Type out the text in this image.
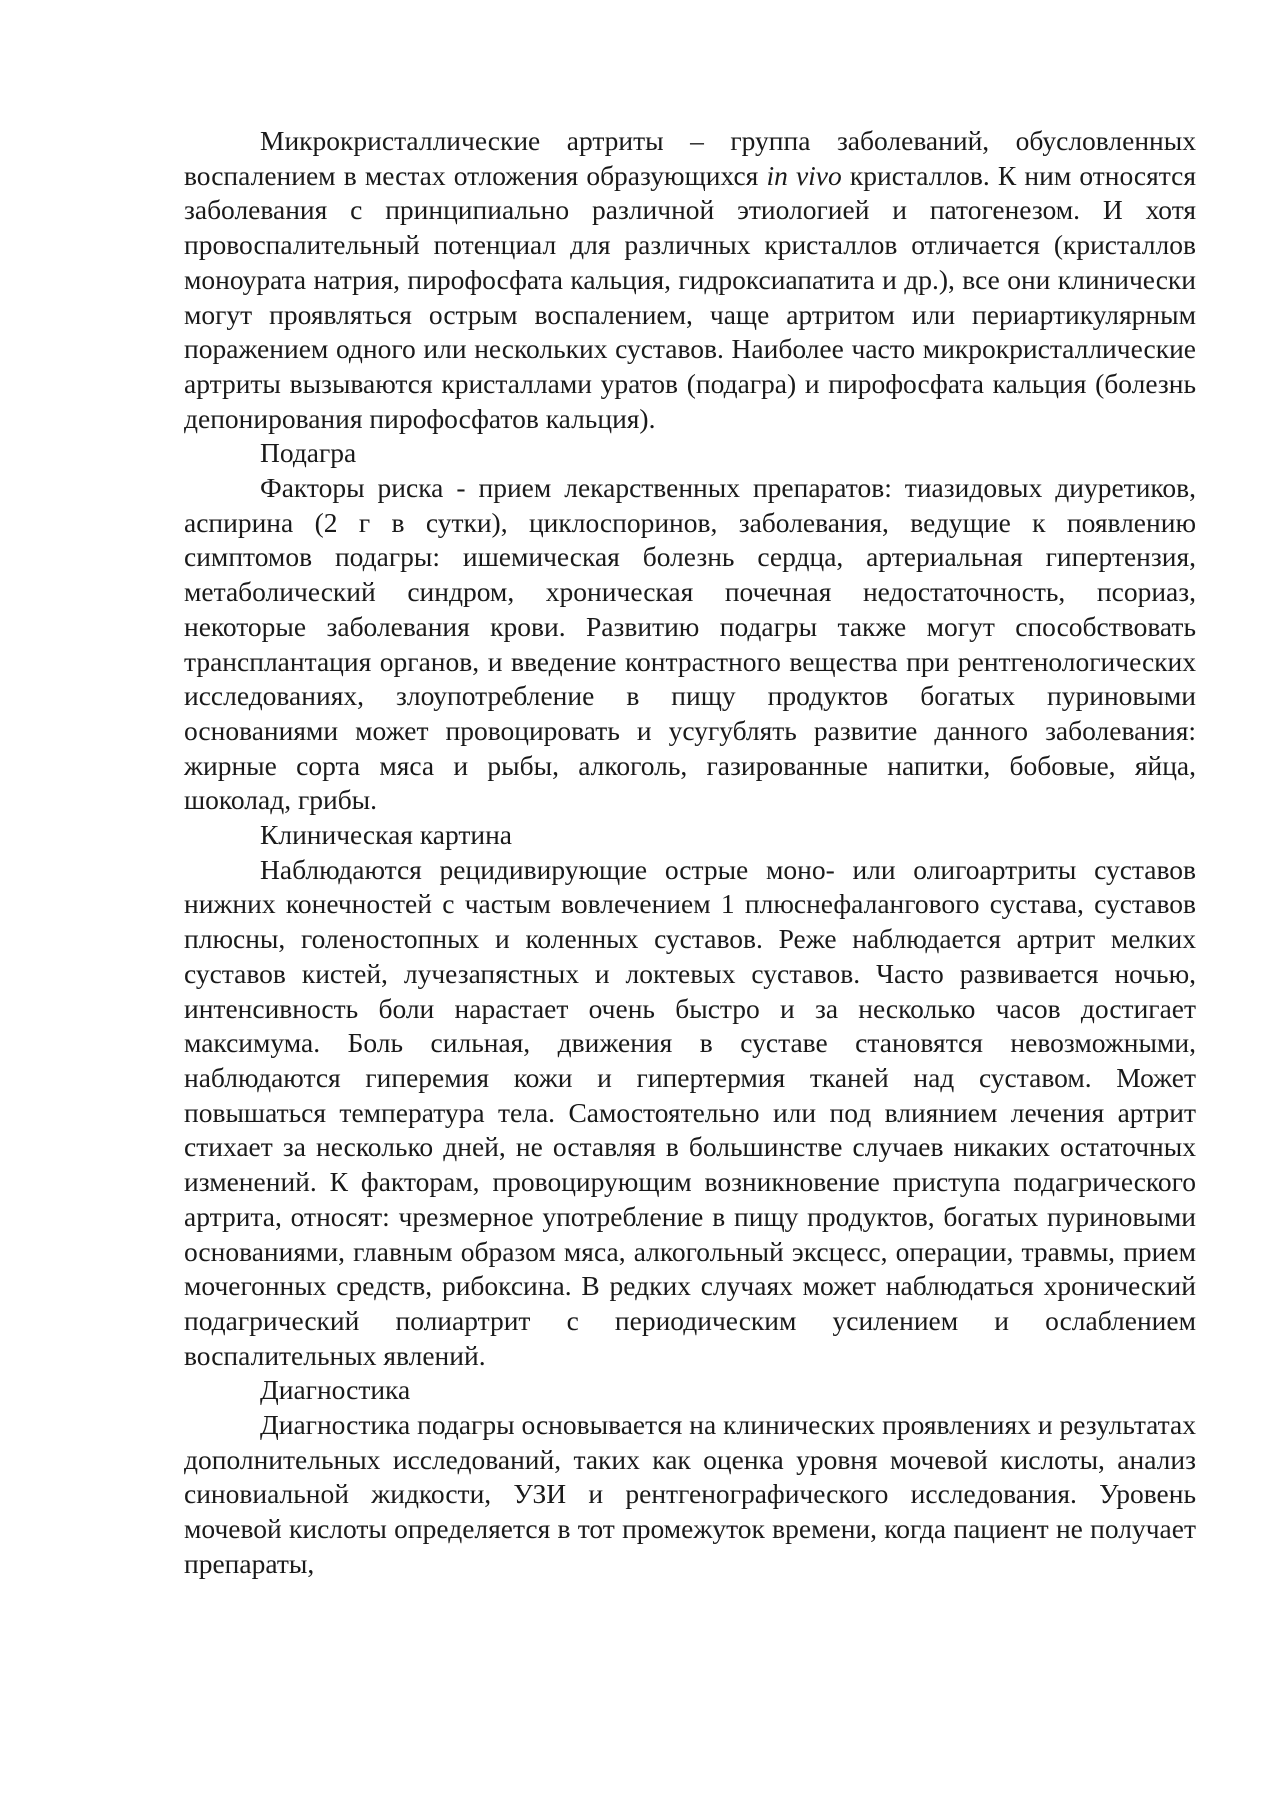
Микрокристаллические артриты – группа заболеваний, обусловленных воспалением в местах отложения образующихся in vivo кристаллов. К ним относятся заболевания с принципиально различной этиологией и патогенезом. И хотя провоспалительный потенциал для различных кристаллов отличается (кристаллов моноурата натрия, пирофосфата кальция, гидроксиапатита и др.), все они клинически могут проявляться острым воспалением, чаще артритом или периартикулярным поражением одного или нескольких суставов. Наиболее часто микрокристаллические артриты вызываются кристаллами уратов (подагра) и пирофосфата кальция (болезнь депонирования пирофосфатов кальция).

Подагра

Факторы риска - прием лекарственных препаратов: тиазидовых диуретиков, аспирина (2 г в сутки), циклоспоринов, заболевания, ведущие к появлению симптомов подагры: ишемическая болезнь сердца, артериальная гипертензия, метаболический синдром, хроническая почечная недостаточность, псориаз, некоторые заболевания крови. Развитию подагры также могут способствовать трансплантация органов, и введение контрастного вещества при рентгенологических исследованиях, злоупотребление в пищу продуктов богатых пуриновыми основаниями может провоцировать и усугублять развитие данного заболевания: жирные сорта мяса и рыбы, алкоголь, газированные напитки, бобовые, яйца, шоколад, грибы.

Клиническая картина

Наблюдаются рецидивирующие острые моно- или олигоартриты суставов нижних конечностей с частым вовлечением 1 плюснефалангового сустава, суставов плюсны, голеностопных и коленных суставов. Реже наблюдается артрит мелких суставов кистей, лучезапястных и локтевых суставов. Часто развивается ночью, интенсивность боли нарастает очень быстро и за несколько часов достигает максимума. Боль сильная, движения в суставе становятся невозможными, наблюдаются гиперемия кожи и гипертермия тканей над суставом. Может повышаться температура тела. Самостоятельно или под влиянием лечения артрит стихает за несколько дней, не оставляя в большинстве случаев никаких остаточных изменений. К факторам, провоцирующим возникновение приступа подагрического артрита, относят: чрезмерное употребление в пищу продуктов, богатых пуриновыми основаниями, главным образом мяса, алкогольный эксцесс, операции, травмы, прием мочегонных средств, рибоксина. В редких случаях может наблюдаться хронический подагрический полиартрит с периодическим усилением и ослаблением воспалительных явлений.

Диагностика

Диагностика подагры основывается на клинических проявлениях и результатах дополнительных исследований, таких как оценка уровня мочевой кислоты, анализ синовиальной жидкости, УЗИ и рентгенографического исследования. Уровень мочевой кислоты определяется в тот промежуток времени, когда пациент не получает препараты,
